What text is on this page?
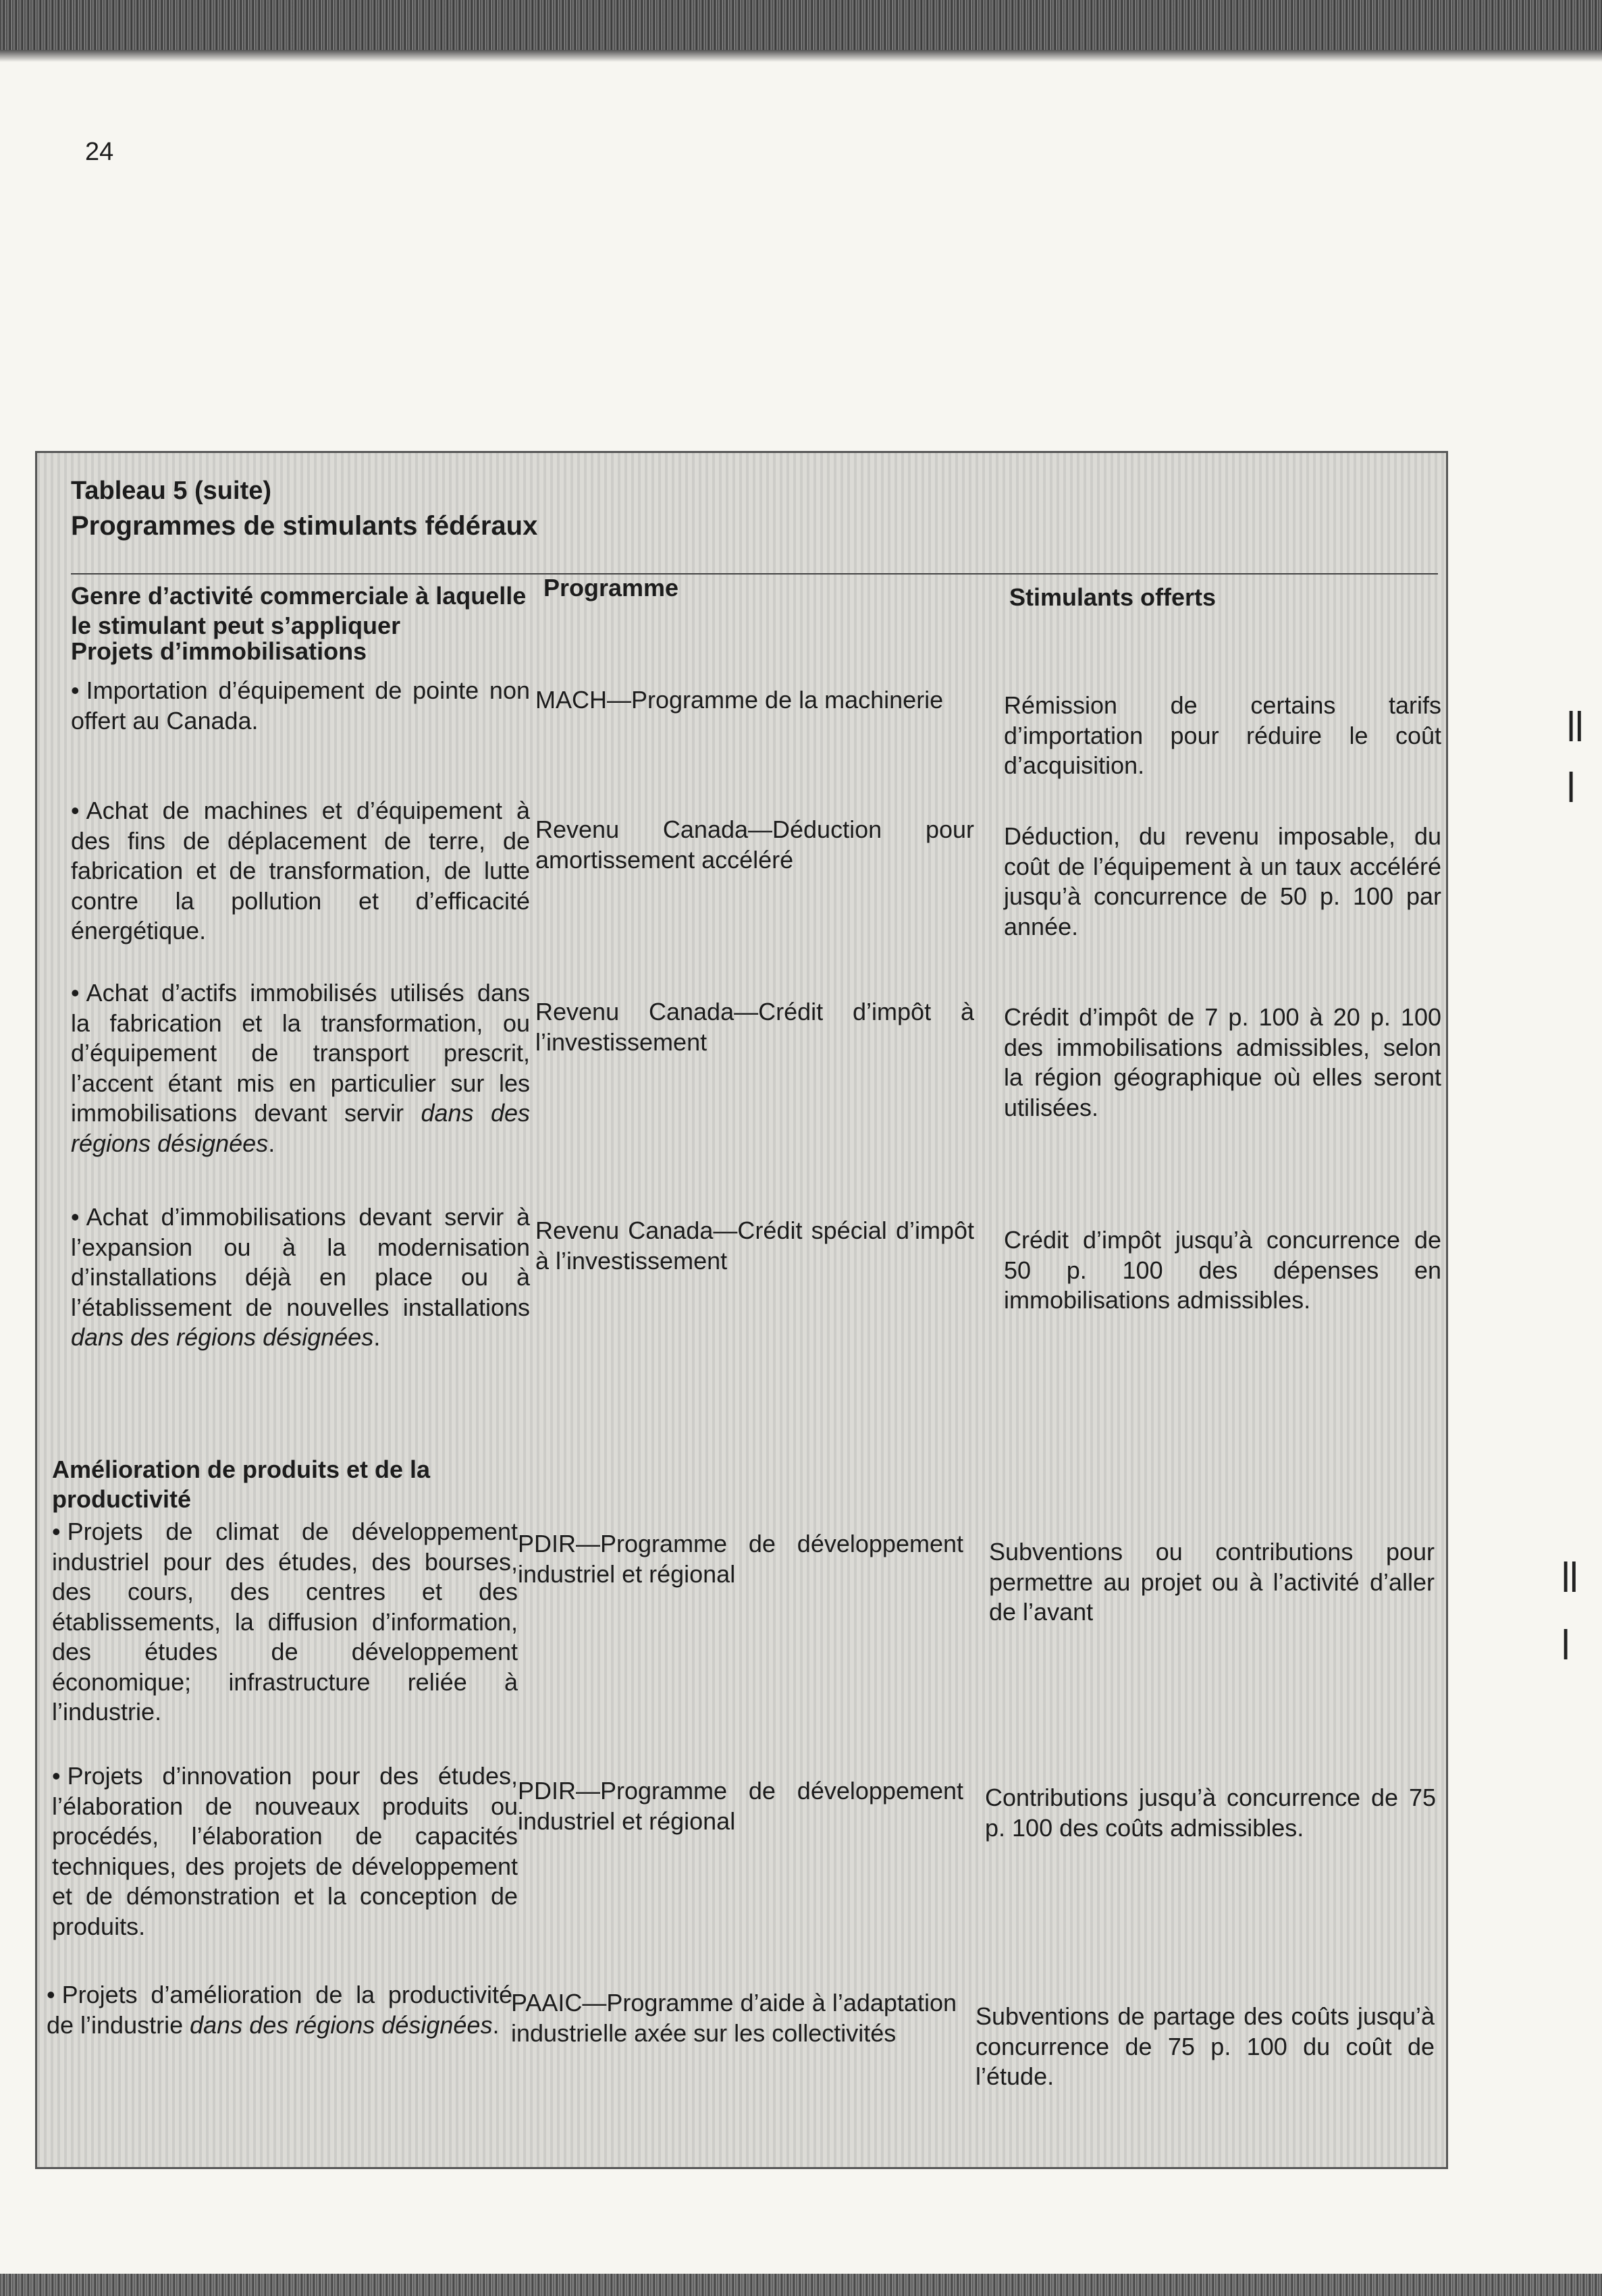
24
ǁ
ǀ
ǁ
ǀ
Tableau 5 (suite)
Programmes de stimulants fédéraux
Genre d’activité commerciale à laquelle le stimulant peut s’appliquer
Programme	Stimulants offerts
Projets d’immobilisations
• Importation d’équipement de pointe non offert au Canada.
MACH—Programme de la machinerie	Rémission de certains tarifs d’importation pour réduire le coût d’acquisition.
• Achat de machines et d’équipement à des fins de déplacement de terre, de fabrication et de transformation, de lutte contre la pollution et d’efficacité énergétique.
Revenu Canada—Déduction pour amortissement accéléré
Déduction, du revenu imposable, du coût de l’équipement à un taux accéléré jusqu’à concurrence de 50 p. 100 par année.
• Achat d’actifs immobilisés utilisés dans la fabrication et la transformation, ou d’équipement de transport prescrit, l’accent étant mis en particulier sur les immobilisations devant servir dans des régions désignées.
Revenu Canada—Crédit d’impôt à l’investissement
Crédit d’impôt de 7 p. 100 à 20 p. 100 des immobilisations admissibles, selon la région géographique où elles seront utilisées.
• Achat d’immobilisations devant servir à l’expansion ou à la modernisation d’installations déjà en place ou à l’établissement de nouvelles installations dans des régions désignées.
Revenu Canada—Crédit spécial d’impôt à l’investissement
Crédit d’impôt jusqu’à concurrence de 50 p. 100 des dépenses en immobilisations admissibles.
Amélioration de produits et de la productivité
• Projets de climat de développement industriel pour des études, des bourses, des cours, des centres et des établissements, la diffusion d’information, des études de développement économique; infrastructure reliée à l’industrie.
PDIR—Programme de développement industriel et régional
Subventions ou contributions pour permettre au projet ou à l’activité d’aller de l’avant
• Projets d’innovation pour des études, l’élaboration de nouveaux produits ou procédés, l’élaboration de capacités techniques, des projets de développement et de démonstration et la conception de produits.
PDIR—Programme de développement industriel et régional
Contributions jusqu’à concurrence de 75 p. 100 des coûts admissibles.
• Projets d’amélioration de la productivité de l’industrie dans des régions désignées.
PAAIC—Programme d’aide à l’adaptation industrielle axée sur les collectivités
Subventions de partage des coûts jusqu’à concurrence de 75 p. 100 du coût de l’étude.
